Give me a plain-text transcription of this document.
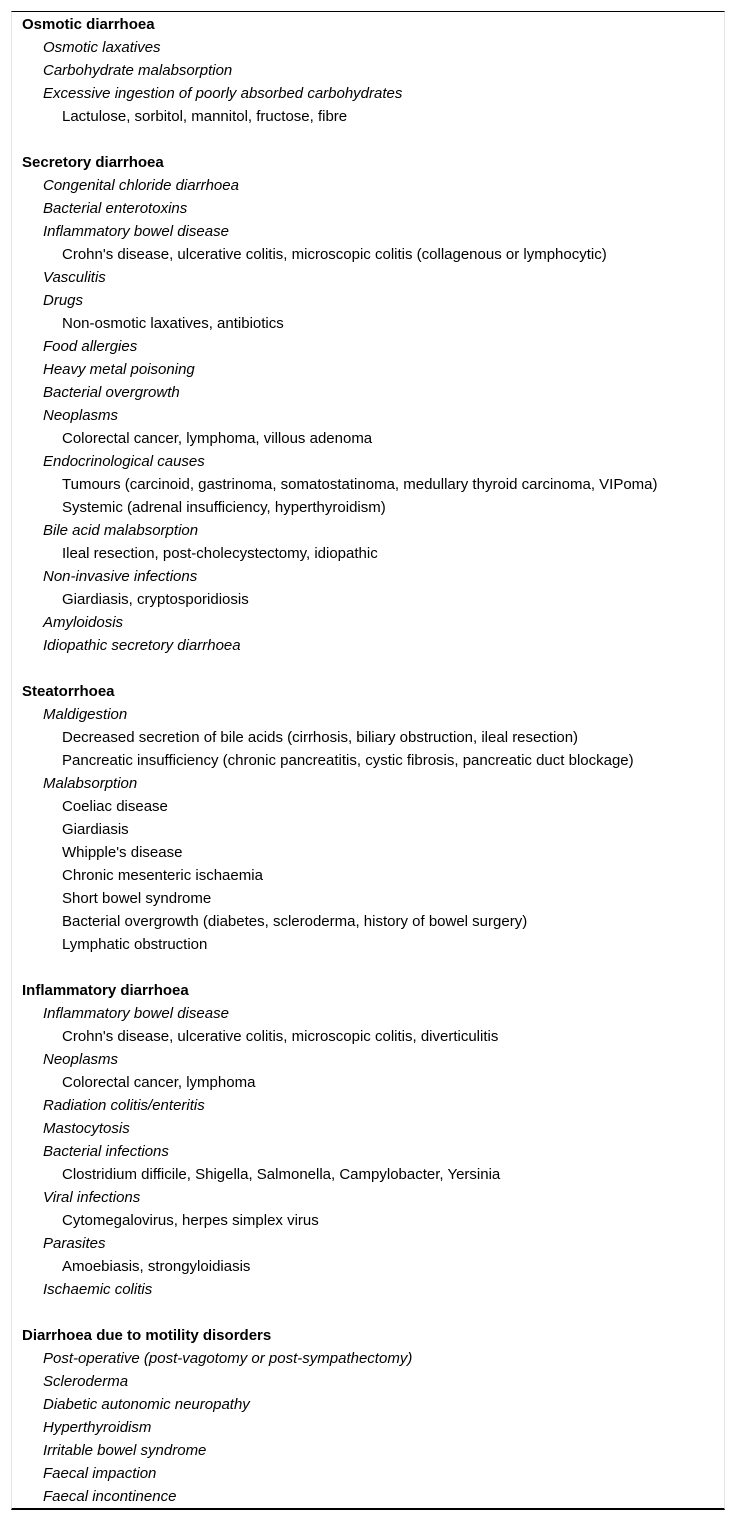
Osmotic diarrhoea
Osmotic laxatives
Carbohydrate malabsorption
Excessive ingestion of poorly absorbed carbohydrates
Lactulose, sorbitol, mannitol, fructose, fibre
Secretory diarrhoea
Congenital chloride diarrhoea
Bacterial enterotoxins
Inflammatory bowel disease
Crohn's disease, ulcerative colitis, microscopic colitis (collagenous or lymphocytic)
Vasculitis
Drugs
Non-osmotic laxatives, antibiotics
Food allergies
Heavy metal poisoning
Bacterial overgrowth
Neoplasms
Colorectal cancer, lymphoma, villous adenoma
Endocrinological causes
Tumours (carcinoid, gastrinoma, somatostatinoma, medullary thyroid carcinoma, VIPoma)
Systemic (adrenal insufficiency, hyperthyroidism)
Bile acid malabsorption
Ileal resection, post-cholecystectomy, idiopathic
Non-invasive infections
Giardiasis, cryptosporidiosis
Amyloidosis
Idiopathic secretory diarrhoea
Steatorrhoea
Maldigestion
Decreased secretion of bile acids (cirrhosis, biliary obstruction, ileal resection)
Pancreatic insufficiency (chronic pancreatitis, cystic fibrosis, pancreatic duct blockage)
Malabsorption
Coeliac disease
Giardiasis
Whipple's disease
Chronic mesenteric ischaemia
Short bowel syndrome
Bacterial overgrowth (diabetes, scleroderma, history of bowel surgery)
Lymphatic obstruction
Inflammatory diarrhoea
Inflammatory bowel disease
Crohn's disease, ulcerative colitis, microscopic colitis, diverticulitis
Neoplasms
Colorectal cancer, lymphoma
Radiation colitis/enteritis
Mastocytosis
Bacterial infections
Clostridium difficile, Shigella, Salmonella, Campylobacter, Yersinia
Viral infections
Cytomegalovirus, herpes simplex virus
Parasites
Amoebiasis, strongyloidiasis
Ischaemic colitis
Diarrhoea due to motility disorders
Post-operative (post-vagotomy or post-sympathectomy)
Scleroderma
Diabetic autonomic neuropathy
Hyperthyroidism
Irritable bowel syndrome
Faecal impaction
Faecal incontinence
